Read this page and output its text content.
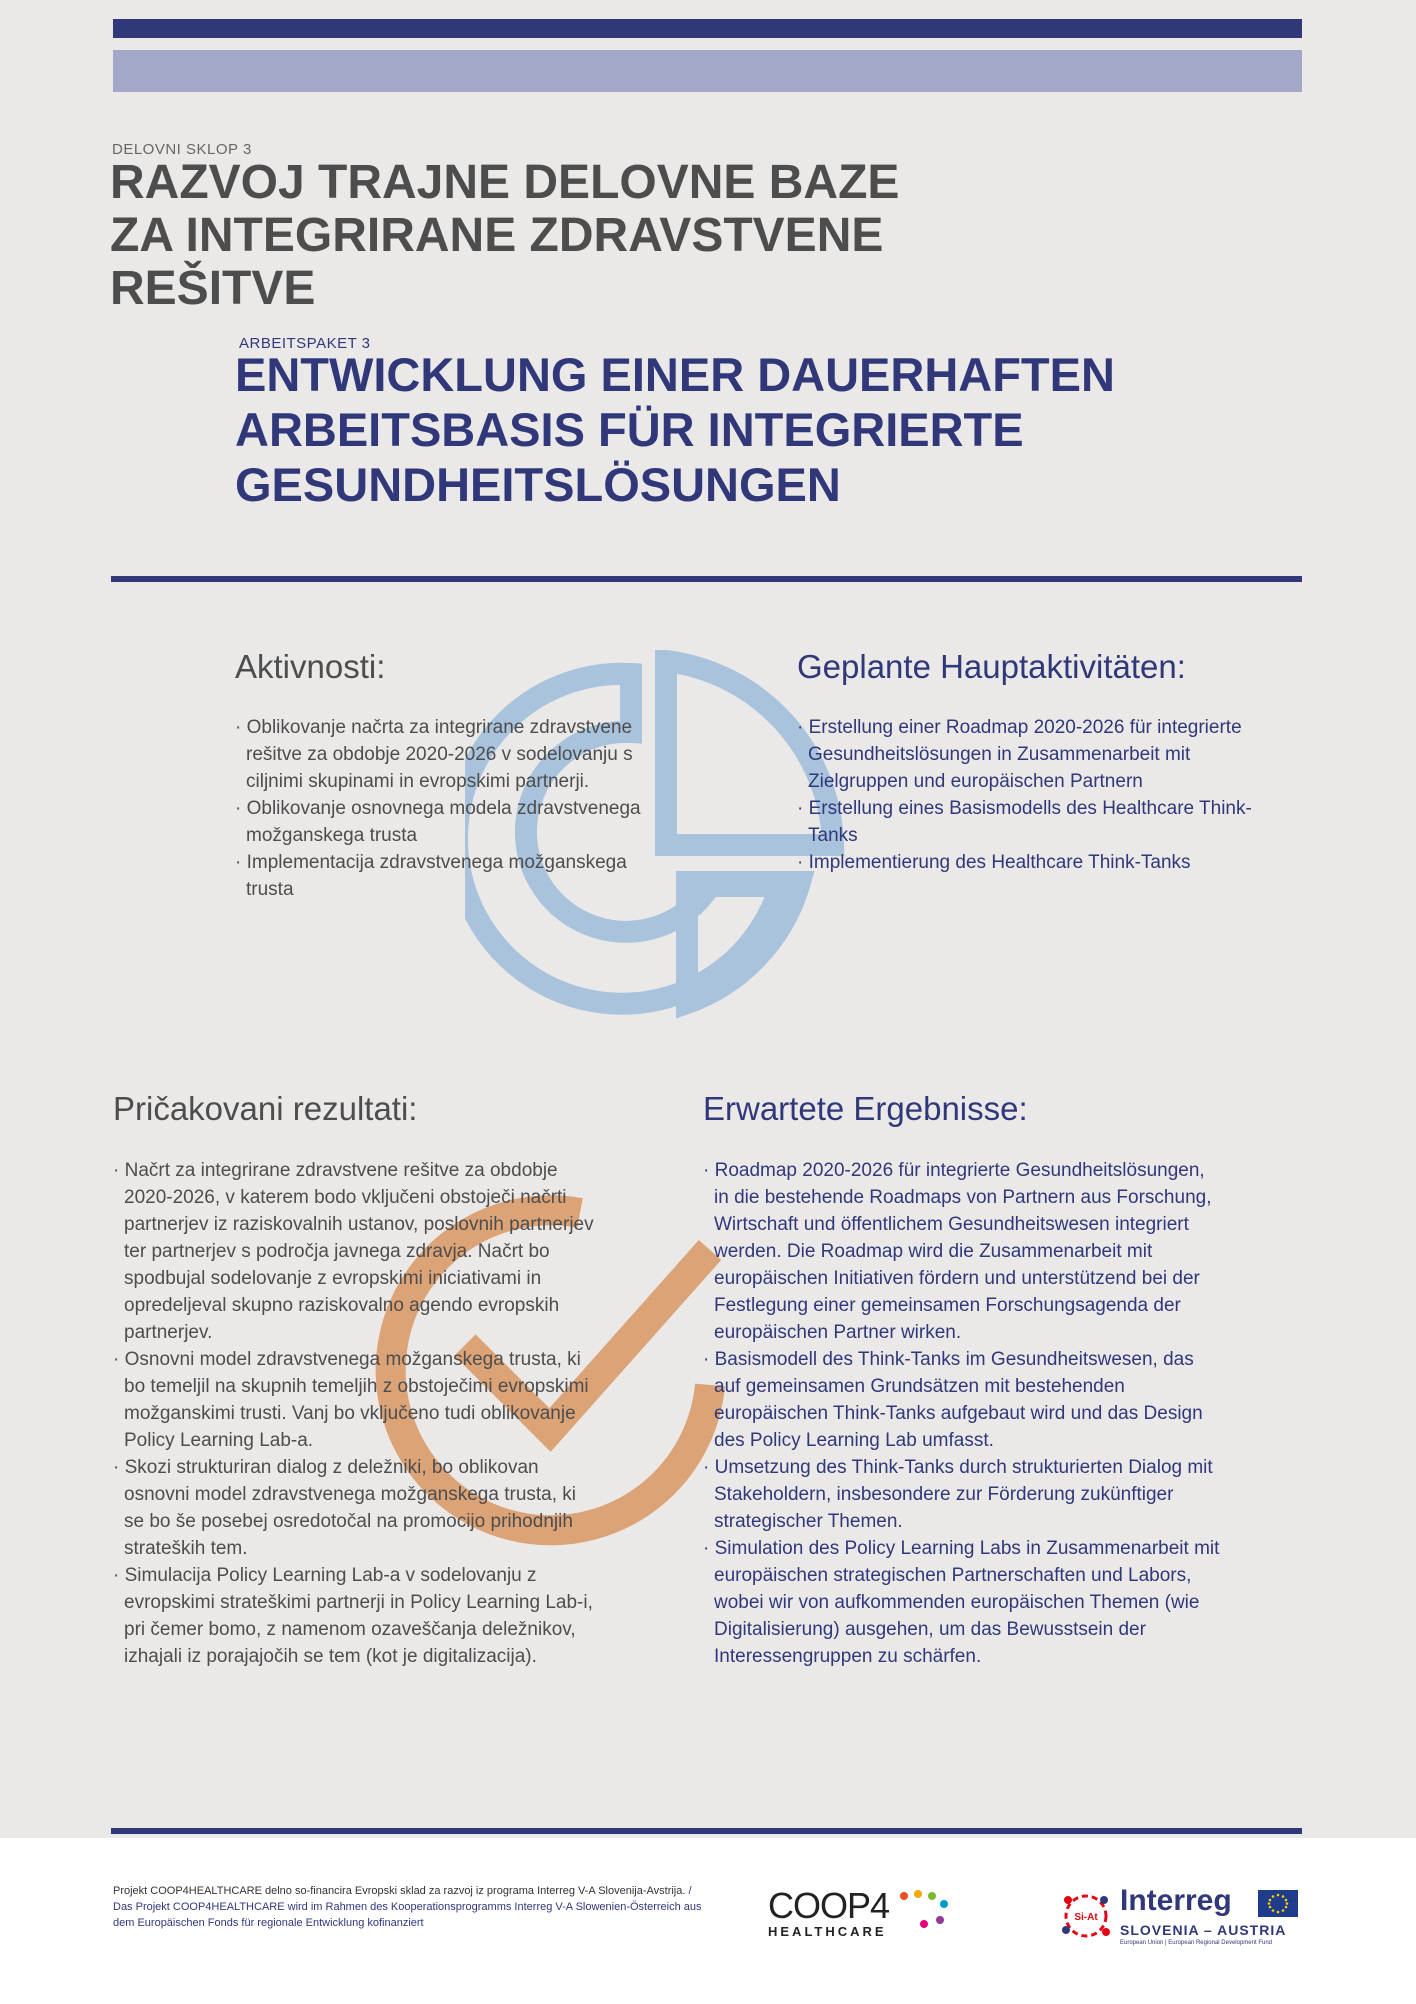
DELOVNI SKLOP 3
RAZVOJ TRAJNE DELOVNE BAZE
ZA INTEGRIRANE ZDRAVSTVENE
REŠITVE
ARBEITSPAKET 3
ENTWICKLUNG EINER DAUERHAFTEN
ARBEITSBASIS FÜR INTEGRIERTE
GESUNDHEITSLÖSUNGEN
Aktivnosti:
· Oblikovanje načrta za integrirane zdravstvene rešitve za obdobje 2020-2026 v sodelovanju s ciljnimi skupinami in evropskimi partnerji.
· Oblikovanje osnovnega modela zdravstvenega možganskega trusta
· Implementacija zdravstvenega možganskega trusta
Geplante Hauptaktivitäten:
· Erstellung einer Roadmap 2020-2026 für integrierte Gesundheitslösungen in Zusammenarbeit mit Zielgruppen und europäischen Partnern
· Erstellung eines Basismodells des Healthcare Think-Tanks
· Implementierung des Healthcare Think-Tanks
Pričakovani rezultati:
· Načrt za integrirane zdravstvene rešitve za obdobje 2020-2026, v katerem bodo vključeni obstoječi načrti partnerjev iz raziskovalnih ustanov, poslovnih partnerjev ter partnerjev s področja javnega zdravja. Načrt bo spodbujal sodelovanje z evropskimi iniciativami in opredeljeval skupno raziskovalno agendo evropskih partnerjev.
· Osnovni model zdravstvenega možganskega trusta, ki bo temeljil na skupnih temeljih z obstoječimi evropskimi možganskimi trusti. Vanj bo vključeno tudi oblikovanje Policy Learning Lab-a.
· Skozi strukturiran dialog z deležniki, bo oblikovan osnovni model zdravstvenega možganskega trusta, ki se bo še posebej osredotočal na promocijo prihodnjih strateških tem.
· Simulacija Policy Learning Lab-a v sodelovanju z evropskimi strateškimi partnerji in Policy Learning Lab-i, pri čemer bomo, z namenom ozaveščanja deležnikov, izhajali iz porajajočih se tem (kot je digitalizacija).
Erwartete Ergebnisse:
· Roadmap 2020-2026 für integrierte Gesundheitslösungen, in die bestehende Roadmaps von Partnern aus Forschung, Wirtschaft und öffentlichem Gesundheitswesen integriert werden. Die Roadmap wird die Zusammenarbeit mit europäischen Initiativen fördern und unterstützend bei der Festlegung einer gemeinsamen Forschungsagenda der europäischen Partner wirken.
· Basismodell des Think-Tanks im Gesundheitswesen, das auf gemeinsamen Grundsätzen mit bestehenden europäischen Think-Tanks aufgebaut wird und das Design des Policy Learning Lab umfasst.
· Umsetzung des Think-Tanks durch strukturierten Dialog mit Stakeholdern, insbesondere zur Förderung zukünftiger strategischer Themen.
· Simulation des Policy Learning Labs in Zusammenarbeit mit europäischen strategischen Partnerschaften und Labors, wobei wir von aufkommenden europäischen Themen (wie Digitalisierung) ausgehen, um das Bewusstsein der Interessengruppen zu schärfen.
Projekt COOP4HEALTHCARE delno so-financira Evropski sklad za razvoj iz programa Interreg V-A Slovenija-Avstrija. / Das Projekt COOP4HEALTHCARE wird im Rahmen des Kooperationsprogramms Interreg V-A Slowenien-Österreich aus dem Europäischen Fonds für regionale Entwicklung kofinanziert	COOP4
HEALTHCARE
Si-At
Interreg
SLOVENIA – AUSTRIA
European Union | European Regional Development Fund
